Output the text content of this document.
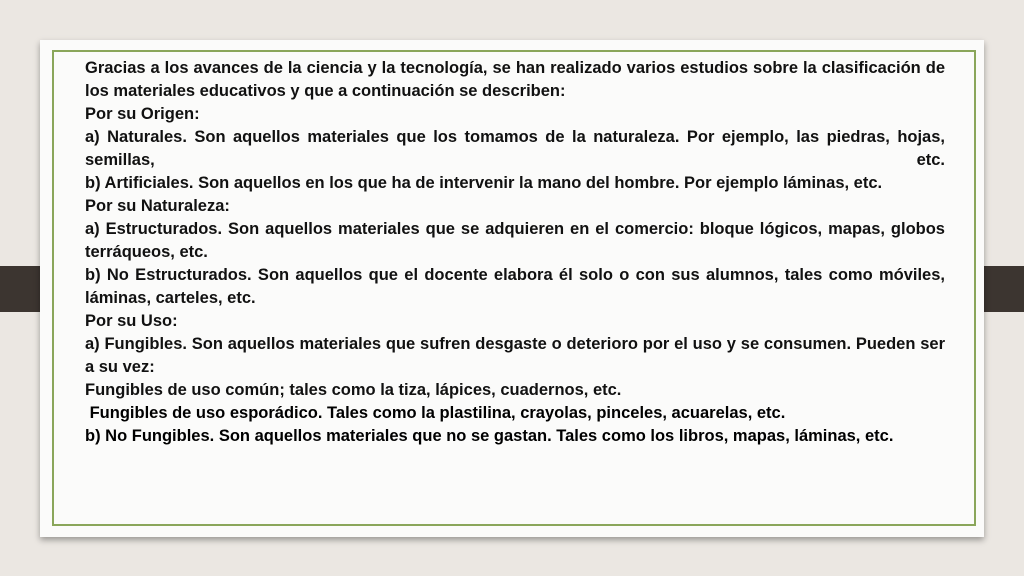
Gracias a los avances de la ciencia y la tecnología, se han realizado varios estudios sobre la clasificación de los materiales educativos y que a continuación se describen:

Por su Origen:

a) Naturales. Son aquellos materiales que los tomamos de la naturaleza. Por ejemplo, las piedras, hojas, semillas, etc.

b) Artificiales. Son aquellos en los que ha de intervenir la mano del hombre. Por ejemplo láminas, etc.

Por su Naturaleza:

a) Estructurados. Son aquellos materiales que se adquieren en el comercio: bloque lógicos, mapas, globos terráqueos, etc.

b) No Estructurados. Son aquellos que el docente elabora él solo o con sus alumnos, tales como móviles, láminas, carteles, etc.

Por su Uso:

a) Fungibles. Son aquellos materiales que sufren desgaste o deterioro por el uso y se consumen. Pueden ser a su vez:

Fungibles de uso común; tales como la tiza, lápices, cuadernos, etc.

Fungibles de uso esporádico. Tales como la plastilina, crayolas, pinceles, acuarelas, etc.

b) No Fungibles. Son aquellos materiales que no se gastan. Tales como los libros, mapas, láminas, etc.
